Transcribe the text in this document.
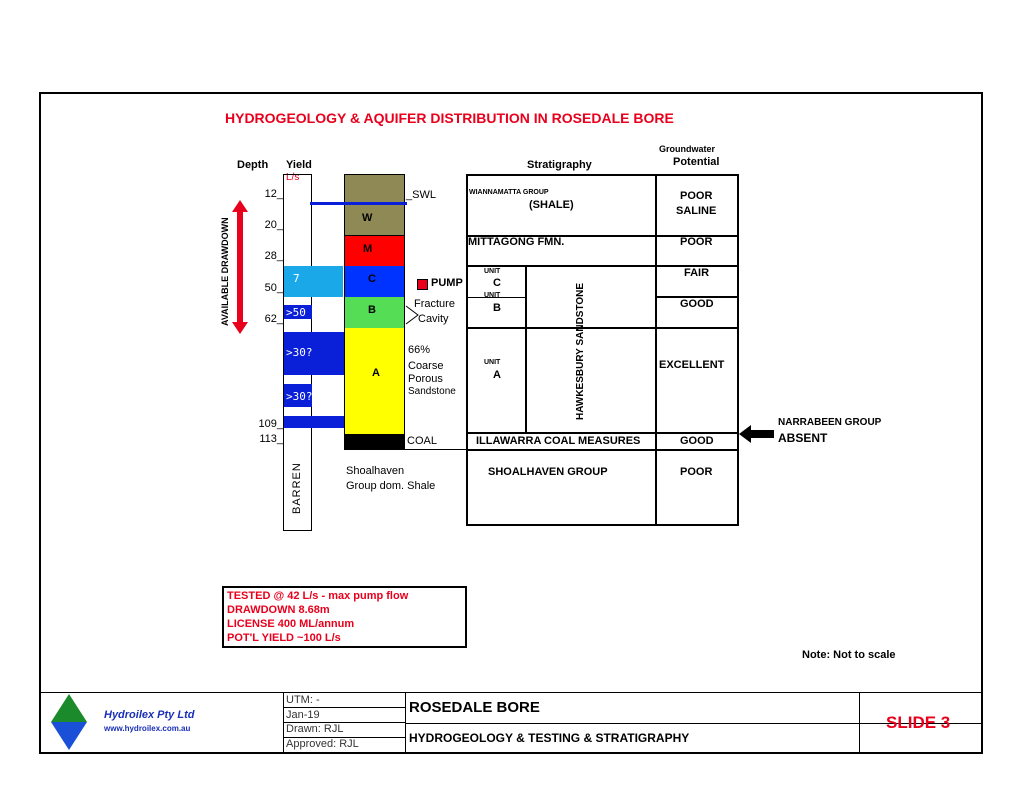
HYDROGEOLOGY & AQUIFER DISTRIBUTION IN ROSEDALE BORE
Depth Yield
L/s
Stratigraphy
Groundwater
Potential
AVAILABLE DRAWDOWN
12_
20_
28_
50_
62_
109_
113_
7
>50
>30?
>30?
BARREN
W
M
C
B
A
_SWL
PUMP
Fracture
Cavity
66%
Coarse
Porous
Sandstone
COAL
Shoalhaven
Group dom. Shale
WIANNAMATTA GROUP
(SHALE)
MITTAGONG FMN.
UNIT
C
UNIT
B
UNIT
A	HAWKESBURY SANDSTONE
ILLAWARRA COAL MEASURES
SHOALHAVEN GROUP
POOR
SALINE
POOR
FAIR
GOOD
EXCELLENT
GOOD
POOR
NARRABEEN GROUP
ABSENT
TESTED @ 42 L/s - max pump flow
DRAWDOWN 8.68m
LICENSE 400 ML/annum
POT'L YIELD ~100 L/s
Note: Not to scale
Hydroilex Pty Ltd
www.hydroilex.com.au
UTM: -
Jan-19
Drawn: RJL
Approved: RJL
ROSEDALE BORE
HYDROGEOLOGY & TESTING & STRATIGRAPHY
SLIDE 3
